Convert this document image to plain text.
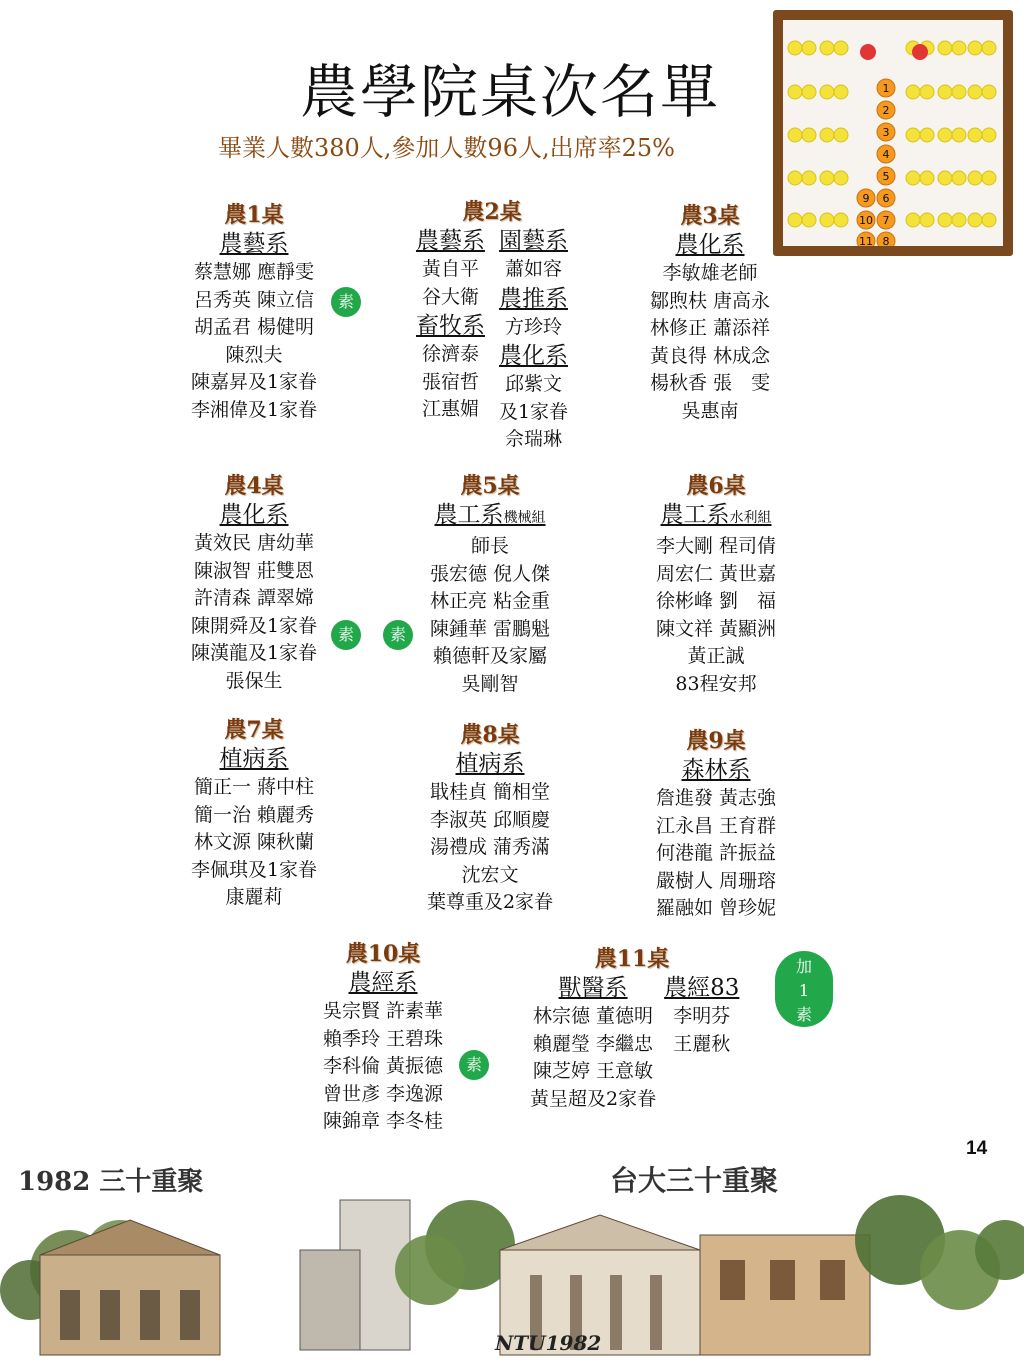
農學院桌次名單
畢業人數380人,參加人數96人,出席率25%
1
2
3
4
5
6
7
8
9
10
11
農1桌
農藝系
蔡慧娜 應靜雯
呂秀英 陳立信
胡孟君 楊健明
陳烈夫
陳嘉昇及1家眷
李湘偉及1家眷
素
農2桌
農藝系
黃自平
谷大衛
畜牧系
徐濟泰
張宿哲
江惠媚
園藝系
蕭如容
農推系
方珍玲
農化系
邱紫文
及1家眷
佘瑞琳
農3桌
農化系
李敏雄老師
鄒煦枎 唐高永
林修正 蕭添祥
黃良得 林成念
楊秋香 張　雯
吳惠南
農4桌
農化系
黃效民 唐幼華
陳淑智 莊雙恩
許清森 譚翠嫦
陳開舜及1家眷
陳漢龍及1家眷
張保生
素	素
農5桌
農工系機械組
師長
張宏德 倪人傑
林正亮 粘金重
陳鍾華 雷鵬魁
賴德軒及家屬
吳剛智
農6桌
農工系水利組
李大剛 程司倩
周宏仁 黃世嘉
徐彬峰 劉　福
陳文祥 黃顯洲
黃正誠
83程安邦
農7桌
植病系
簡正一 蔣中柱
簡一治 賴麗秀
林文源 陳秋蘭
李佩琪及1家眷
康麗莉
農8桌
植病系
戢桂貞 簡相堂
李淑英 邱順慶
湯禮成 蒲秀滿
沈宏文
葉尊重及2家眷
農9桌
森林系
詹進發 黃志強
江永昌 王育群
何港龍 許振益
嚴樹人 周珊瑢
羅融如 曾珍妮
農10桌
農經系
吳宗賢 許素華
賴季玲 王碧珠
李科倫 黃振德
曾世彥 李逸源
陳錦章 李冬桂
素
農11桌
獸醫系
林宗德 董德明
賴麗瑩 李繼忠
陳芝婷 王意敏
黃呈超及2家眷
農經83
李明芬
王麗秋
加
1
素
14
1982 三十重聚	台大三十重聚
NTU1982
